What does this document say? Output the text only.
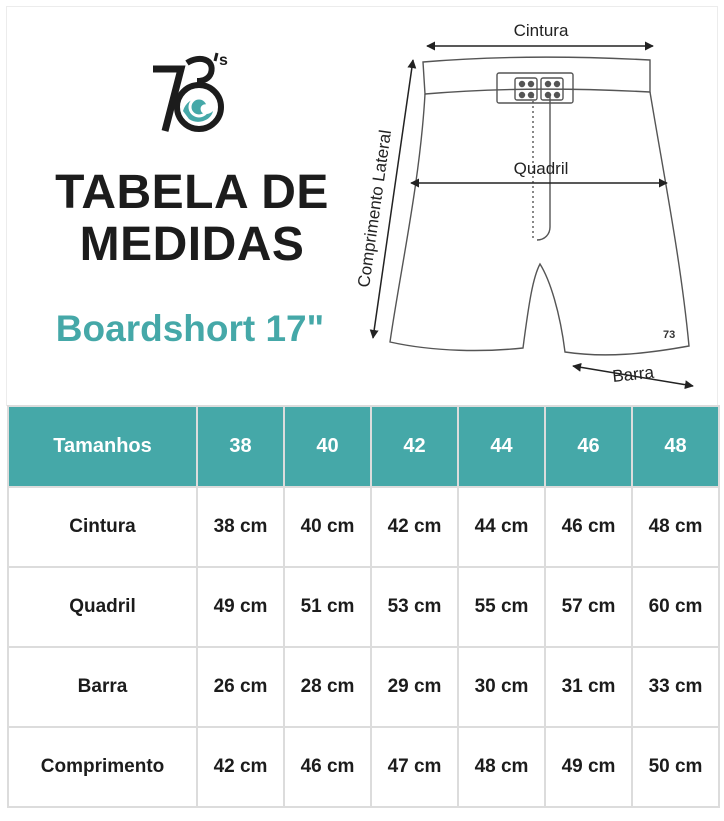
s
TABELA DE
MEDIDAS
Boardshort 17"	73
Cintura
Quadril
Comprimento Lateral
Barra
Tamanhos	38	40	42	44	46	48
Cintura	38 cm	40 cm	42 cm	44 cm	46 cm	48 cm
Quadril	49 cm	51 cm	53 cm	55 cm	57 cm	60 cm
Barra	26 cm	28 cm	29 cm	30 cm	31 cm	33 cm
Comprimento	42 cm	46 cm	47 cm	48 cm	49 cm	50 cm
